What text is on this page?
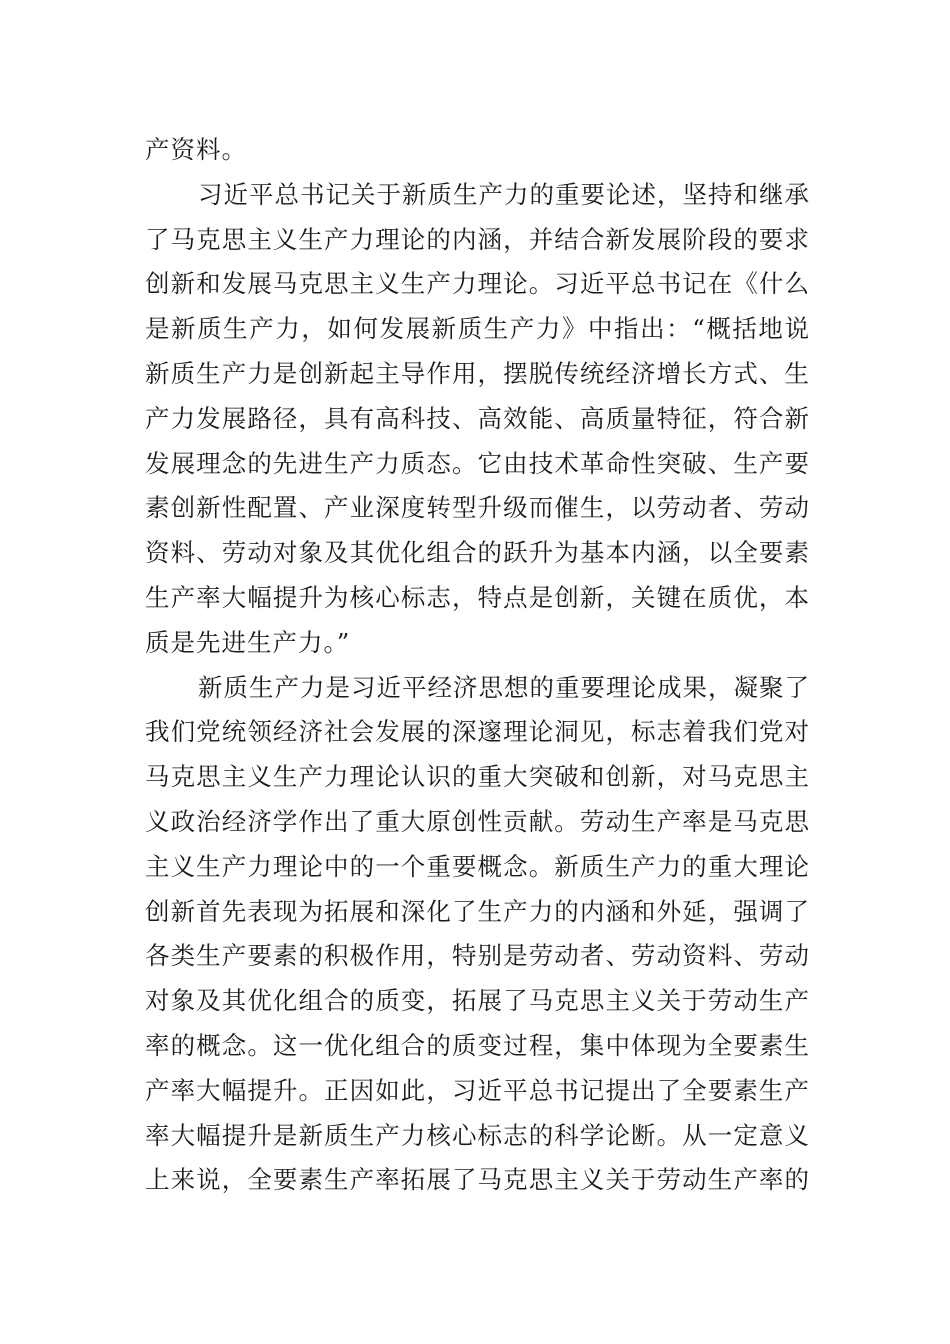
产资料。
习近平总书记关于新质生产力的重要论述，坚持和继承
了马克思主义生产力理论的内涵，并结合新发展阶段的要求
创新和发展马克思主义生产力理论。习近平总书记在《什么
是新质生产力，如何发展新质生产力》中指出：“概括地说
新质生产力是创新起主导作用，摆脱传统经济增长方式、生
产力发展路径，具有高科技、高效能、高质量特征，符合新
发展理念的先进生产力质态。它由技术革命性突破、生产要
素创新性配置、产业深度转型升级而催生，以劳动者、劳动
资料、劳动对象及其优化组合的跃升为基本内涵，以全要素
生产率大幅提升为核心标志，特点是创新，关键在质优，本
质是先进生产力。”
新质生产力是习近平经济思想的重要理论成果，凝聚了
我们党统领经济社会发展的深邃理论洞见，标志着我们党对
马克思主义生产力理论认识的重大突破和创新，对马克思主
义政治经济学作出了重大原创性贡献。劳动生产率是马克思
主义生产力理论中的一个重要概念。新质生产力的重大理论
创新首先表现为拓展和深化了生产力的内涵和外延，强调了
各类生产要素的积极作用，特别是劳动者、劳动资料、劳动
对象及其优化组合的质变，拓展了马克思主义关于劳动生产
率的概念。这一优化组合的质变过程，集中体现为全要素生
产率大幅提升。正因如此，习近平总书记提出了全要素生产
率大幅提升是新质生产力核心标志的科学论断。从一定意义
上来说，全要素生产率拓展了马克思主义关于劳动生产率的
